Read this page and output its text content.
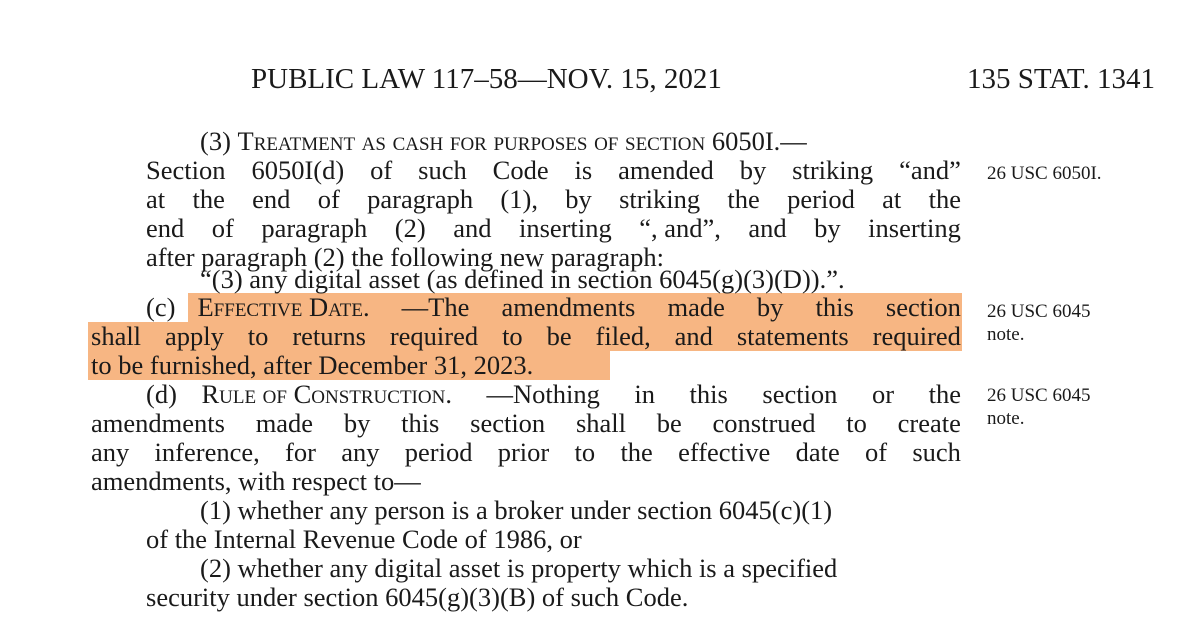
PUBLIC LAW 117–58—NOV. 15, 2021	135 STAT. 1341
(3) Treatment as cash for purposes of section 6050I.—
Section 6050I(d) of such Code is amended by striking “and”
at the end of paragraph (1), by striking the period at the
end of paragraph (2) and inserting “, and”, and by inserting
after paragraph (2) the following new paragraph:
“(3) any digital asset (as defined in section 6045(g)(3)(D)).”.
(c) Effective Date. —The amendments made by this section
shall apply to returns required to be filed, and statements required
to be furnished, after December 31, 2023.
(d) Rule of Construction. —Nothing in this section or the
amendments made by this section shall be construed to create
any inference, for any period prior to the effective date of such
amendments, with respect to—
(1) whether any person is a broker under section 6045(c)(1)
of the Internal Revenue Code of 1986, or
(2) whether any digital asset is property which is a specified
security under section 6045(g)(3)(B) of such Code.
26 USC 6050I.
26 USC 6045
note.
26 USC 6045
note.
